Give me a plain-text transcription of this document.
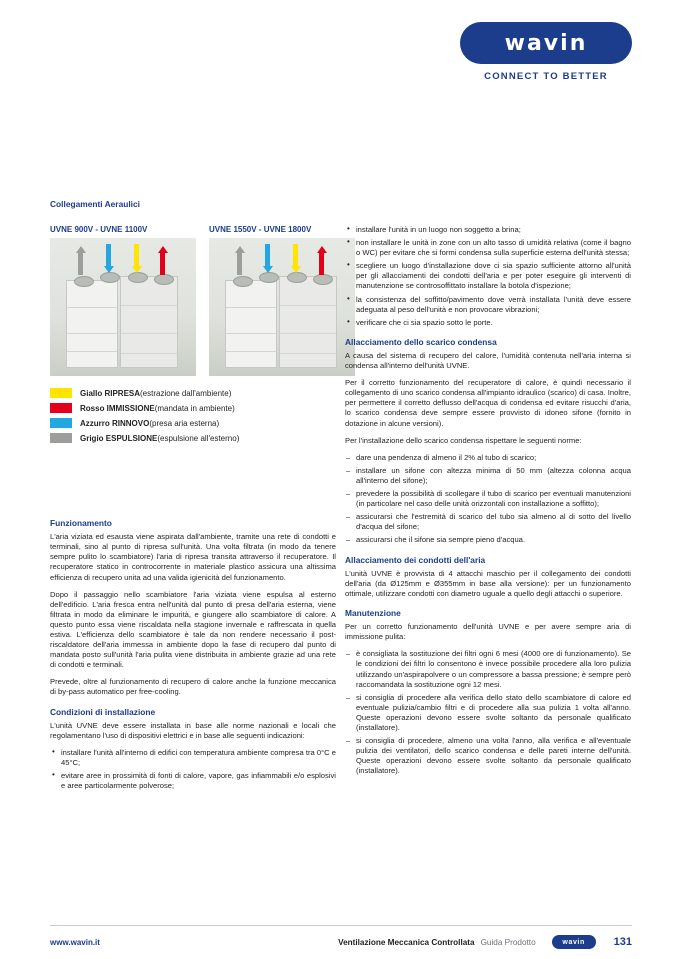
wavin
CONNECT TO BETTER
Collegamenti Aeraulici
UVNE 900V - UVNE 1100V	UVNE 1550V - UVNE 1800V
Giallo RIPRESA (estrazione dall'ambiente)
Rosso IMMISSIONE (mandata in ambiente)
Azzurro RINNOVO (presa aria esterna)
Grigio ESPULSIONE (espulsione all'esterno)
Funzionamento

L'aria viziata ed esausta viene aspirata dall'ambiente, tramite una rete di condotti e terminali, sino al punto di ripresa sull'unità. Una volta filtrata (in modo da tenere sempre pulito lo scambiatore) l'aria di ripresa transita attraverso il recuperatore. Il recuperatore statico in controcorrente in materiale plastico assicura una altissima efficienza di recupero unita ad una valida igienicità del funzionamento.

Dopo il passaggio nello scambiatore l'aria viziata viene espulsa al esterno dell'edificio. L'aria fresca entra nell'unità dal punto di presa dell'aria esterna, viene filtrata in modo da eliminare le impurità, e giungere allo scambiatore di calore. A questo punto essa viene riscaldata nella stagione invernale e raffrescata in quella estiva. L'efficienza dello scambiatore è tale da non rendere necessario il post-riscaldatore dell'aria immessa in ambiente dopo la fase di recupero dal punto di mandata posto sull'unità l'aria pulita viene distribuita in ambiente grazie ad una rete di condotti e terminali.

Prevede, oltre al funzionamento di recupero di calore anche la funzione meccanica di by-pass automatico per free-cooling.

Condizioni di installazione

L'unità UVNE deve essere installata in base alle norme nazionali e locali che regolamentano l'uso di dispositivi elettrici e in base alle seguenti indicazioni:

• installare l'unità all'interno di edifici con temperatura ambiente compresa tra 0°C e 45°C;
• evitare aree in prossimità di fonti di calore, vapore, gas infiammabili e/o esplosivi e aree particolarmente polverose;
• installare l'unità in un luogo non soggetto a brina;
• non installare le unità in zone con un alto tasso di umidità relativa (come il bagno o WC) per evitare che si formi condensa sulla superficie esterna dell'unità stessa;
• scegliere un luogo d'installazione dove ci sia spazio sufficiente attorno all'unità per gli allacciamenti dei condotti dell'aria e per poter eseguire gli interventi di manutenzione se controsoffittato installare la botola d'ispezione;
• la consistenza del soffitto/pavimento dove verrà installata l'unità deve essere adeguata al peso dell'unità e non provocare vibrazioni;
• verificare che ci sia spazio sotto le porte.
Allacciamento dello scarico condensa

A causa del sistema di recupero del calore, l'umidità contenuta nell'aria interna si condensa all'interno dell'unità UVNE.

Per il corretto funzionamento del recuperatore di calore, è quindi necessario il collegamento di uno scarico condensa all'impianto idraulico (scarico) di casa. Inoltre, per permettere il corretto deflusso dell'acqua di condensa ed evitare risucchi d'aria, lo scarico condensa deve sempre essere provvisto di idoneo sifone (fornito in dotazione in alcune versioni).

Per l'installazione dello scarico condensa rispettare le seguenti norme:

– dare una pendenza di almeno il 2% al tubo di scarico;
– installare un sifone con altezza minima di 50 mm (altezza colonna acqua all'interno del sifone);
– prevedere la possibilità di scollegare il tubo di scarico per eventuali manutenzioni (in particolare nel caso delle unità orizzontali con installazione a soffitto);
– assicurarsi che l'estremità di scarico del tubo sia almeno al di sotto del livello d'acqua del sifone;
– assicurarsi che il sifone sia sempre pieno d'acqua.
Allacciamento dei condotti dell'aria

L'unità UVNE è provvista di 4 attacchi maschio per il collegamento dei condotti dell'aria (da Ø125mm e Ø355mm in base alla versione): per un funzionamento ottimale, utilizzare condotti con diametro uguale a quello degli attacchi o superiore.

Manutenzione

Per un corretto funzionamento dell'unità UVNE e per avere sempre aria di immissione pulita:

– è consigliata la sostituzione dei filtri ogni 6 mesi (4000 ore di funzionamento). Se le condizioni dei filtri lo consentono è invece possibile procedere alla loro pulizia utilizzando un'aspirapolvere o un compressore a bassa pressione; è sempre però raccomandata la sostituzione ogni 12 mesi.
– si consiglia di procedere alla verifica dello stato dello scambiatore di calore ed eventuale pulizia/cambio filtri e di procedere alla sua pulizia 1 volta all'anno. Queste operazioni devono essere svolte soltanto da personale qualificato (installatore).
– si consiglia di procedere, almeno una volta l'anno, alla verifica e all'eventuale pulizia dei ventilatori, dello scarico condensa e delle pareti interne dell'unità. Queste operazioni devono essere svolte soltanto da personale qualificato (installatore).
www.wavin.it	Ventilazione Meccanica Controllata Guida Prodotto	wavin	131
